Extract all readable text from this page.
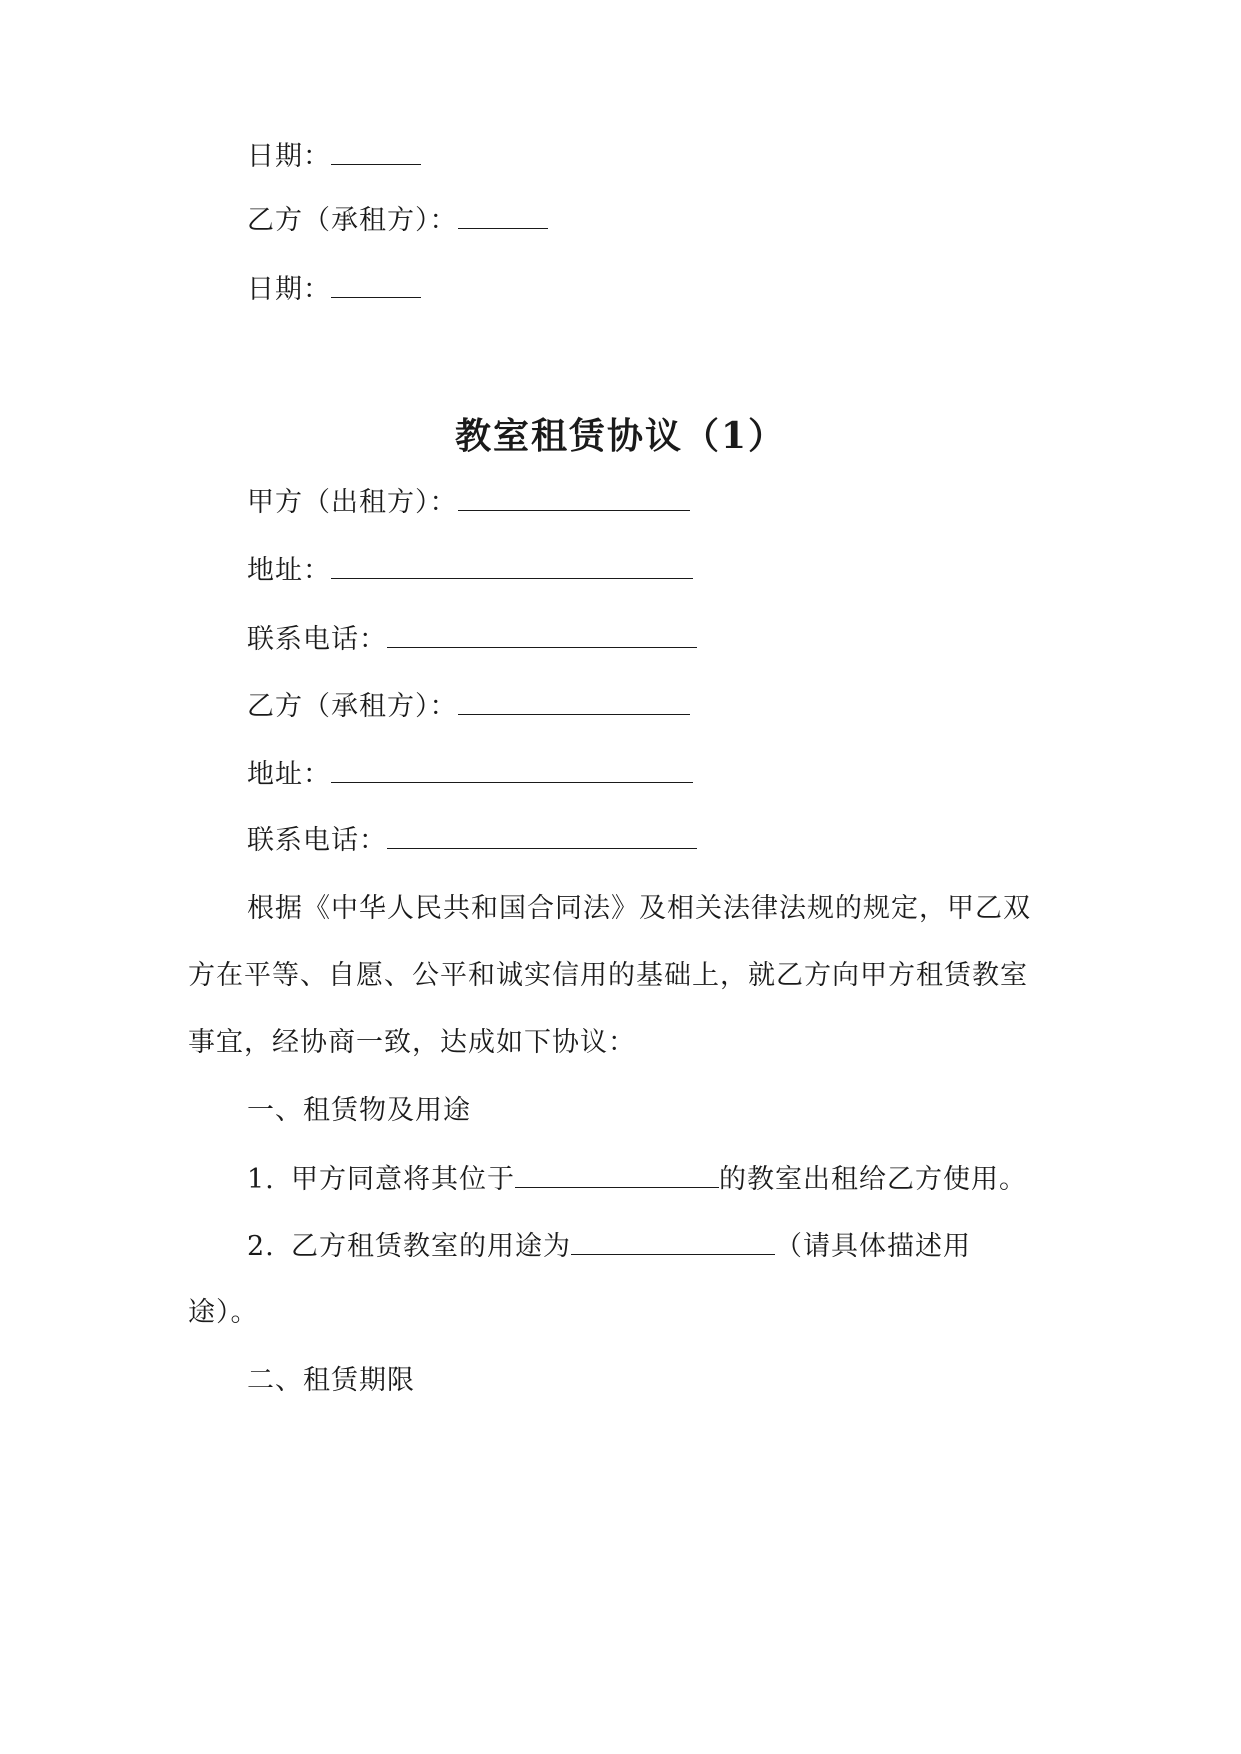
日期：
乙方（承租方）：
日期：
教室租赁协议（1）
甲方（出租方）：
地址：
联系电话：
乙方（承租方）：
地址：
联系电话：
根据《中华人民共和国合同法》及相关法律法规的规定，甲乙双
方在平等、自愿、公平和诚实信用的基础上，就乙方向甲方租赁教室
事宜，经协商一致，达成如下协议：
一、租赁物及用途
1. 甲方同意将其位于	的教室出租给乙方使用。
2. 乙方租赁教室的用途为	（请具体描述用
途）。
二、租赁期限
